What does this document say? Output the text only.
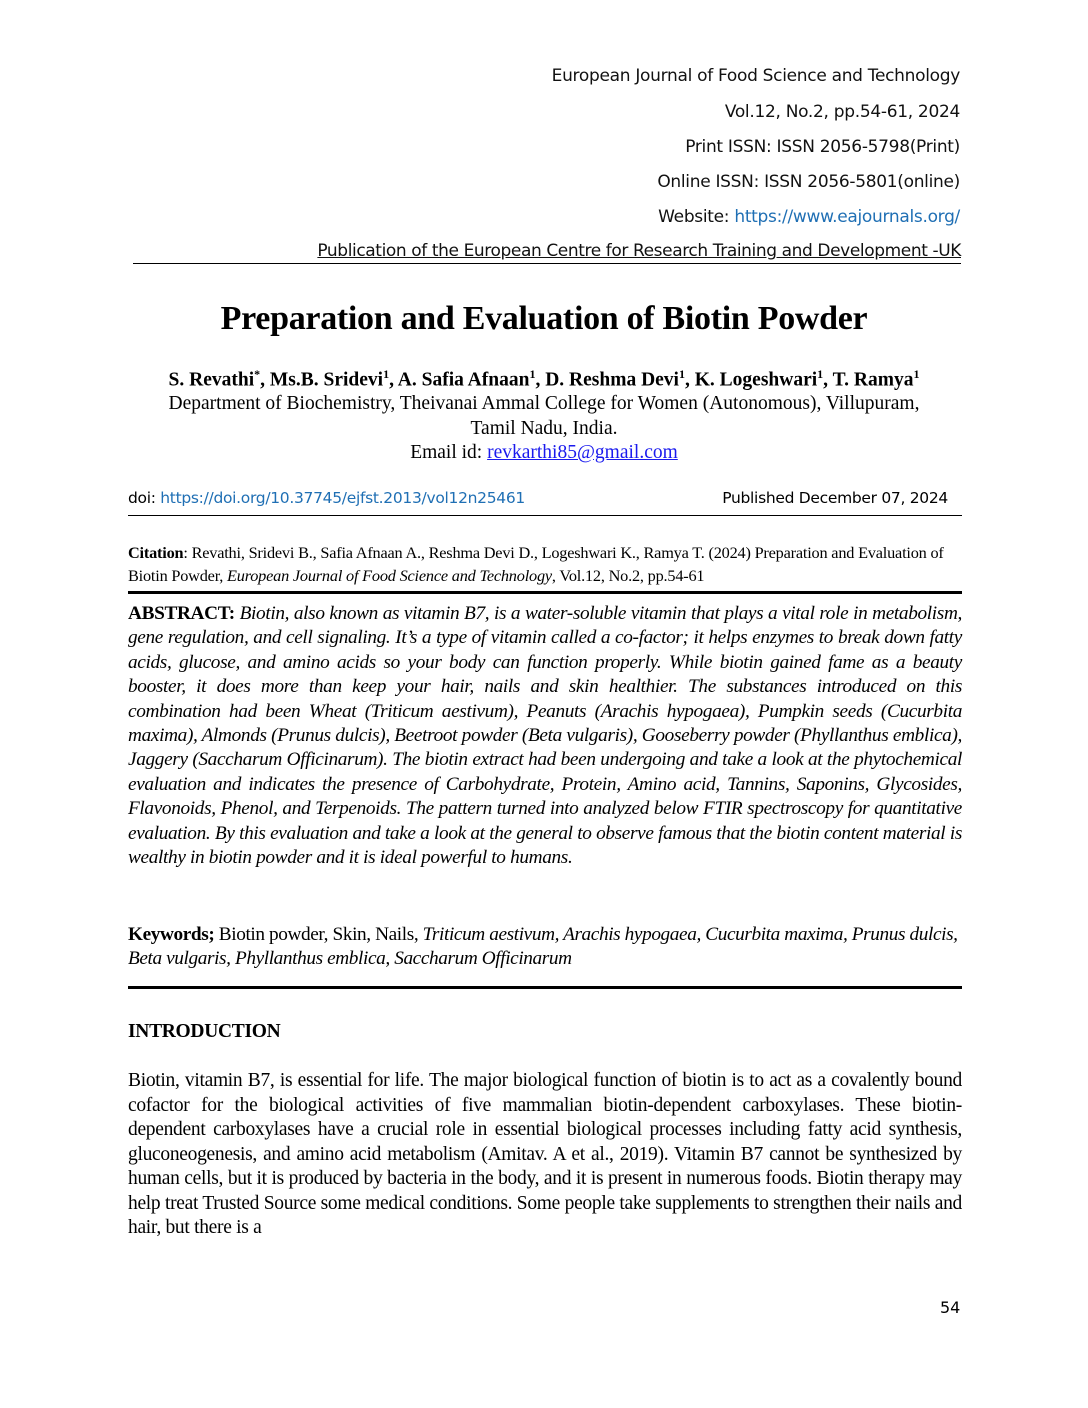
European Journal of Food Science and Technology
Vol.12, No.2, pp.54-61, 2024
Print ISSN: ISSN 2056-5798(Print)
Online ISSN: ISSN 2056-5801(online)
Website: https://www.eajournals.org/
Publication of the European Centre for Research Training and Development -UK
Preparation and Evaluation of Biotin Powder
S. Revathi*, Ms.B. Sridevi$^1$, A. Safia Afnaan$^1$, D. Reshma Devi$^1$, K. Logeshwari$^1$, T. Ramya$^1$
Department of Biochemistry, Theivanai Ammal College for Women (Autonomous), Villupuram,
Tamil Nadu, India.
Email id: revkarthi85@gmail.com
doi: https://doi.org/10.37745/ejfst.2013/vol12n25461	Published December 07, 2024
Citation: Revathi, Sridevi B., Safia Afnaan A., Reshma Devi D., Logeshwari K., Ramya T. (2024) Preparation and Evaluation of Biotin Powder, European Journal of Food Science and Technology, Vol.12, No.2, pp.54-61
ABSTRACT: Biotin, also known as vitamin B7, is a water-soluble vitamin that plays a vital role in metabolism, gene regulation, and cell signaling. It’s a type of vitamin called a co-factor; it helps enzymes to break down fatty acids, glucose, and amino acids so your body can function properly. While biotin gained fame as a beauty booster, it does more than keep your hair, nails and skin healthier. The substances introduced on this combination had been Wheat (Triticum aestivum), Peanuts (Arachis hypogaea), Pumpkin seeds (Cucurbita maxima), Almonds (Prunus dulcis), Beetroot powder (Beta vulgaris), Gooseberry powder (Phyllanthus emblica), Jaggery (Saccharum Officinarum). The biotin extract had been undergoing and take a look at the phytochemical evaluation and indicates the presence of Carbohydrate, Protein, Amino acid, Tannins, Saponins, Glycosides, Flavonoids, Phenol, and Terpenoids. The pattern turned into analyzed below FTIR spectroscopy for quantitative evaluation. By this evaluation and take a look at the general to observe famous that the biotin content material is wealthy in biotin powder and it is ideal powerful to humans.
Keywords; Biotin powder, Skin, Nails, Triticum aestivum, Arachis hypogaea, Cucurbita maxima, Prunus dulcis, Beta vulgaris, Phyllanthus emblica, Saccharum Officinarum
INTRODUCTION
Biotin, vitamin B7, is essential for life. The major biological function of biotin is to act as a covalently bound cofactor for the biological activities of five mammalian biotin-dependent carboxylases. These biotin-dependent carboxylases have a crucial role in essential biological processes including fatty acid synthesis, gluconeogenesis, and amino acid metabolism (Amitav. A et al., 2019). Vitamin B7 cannot be synthesized by human cells, but it is produced by bacteria in the body, and it is present in numerous foods. Biotin therapy may help treat Trusted Source some medical conditions. Some people take supplements to strengthen their nails and hair, but there is a
54
